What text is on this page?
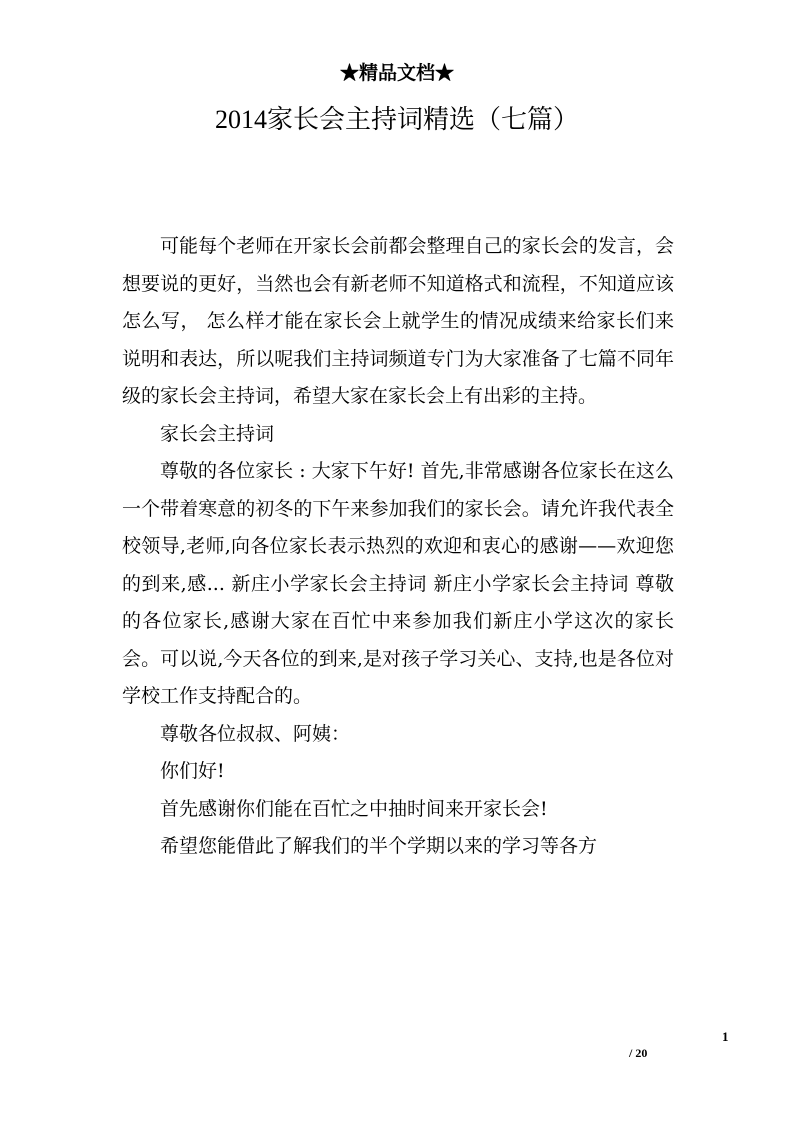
★精品文档★
2014家长会主持词精选（七篇）

可能每个老师在开家长会前都会整理自己的家长会的发言，会想要说的更好，当然也会有新老师不知道格式和流程，不知道应该怎么写， 怎么样才能在家长会上就学生的情况成绩来给家长们来说明和表达，所以呢我们主持词频道专门为大家准备了七篇不同年级的家长会主持词，希望大家在家长会上有出彩的主持。

家长会主持词

尊敬的各位家长 : 大家下午好! 首先,非常感谢各位家长在这么一个带着寒意的初冬的下午来参加我们的家长会。请允许我代表全校领导,老师,向各位家长表示热烈的欢迎和衷心的感谢——欢迎您的到来,感... 新庄小学家长会主持词 新庄小学家长会主持词 尊敬的各位家长,感谢大家在百忙中来参加我们新庄小学这次的家长会。可以说,今天各位的到来,是对孩子学习关心、支持,也是各位对学校工作支持配合的。

尊敬各位叔叔、阿姨：

你们好!

首先感谢你们能在百忙之中抽时间来开家长会!

希望您能借此了解我们的半个学期以来的学习等各方

1
/ 20
